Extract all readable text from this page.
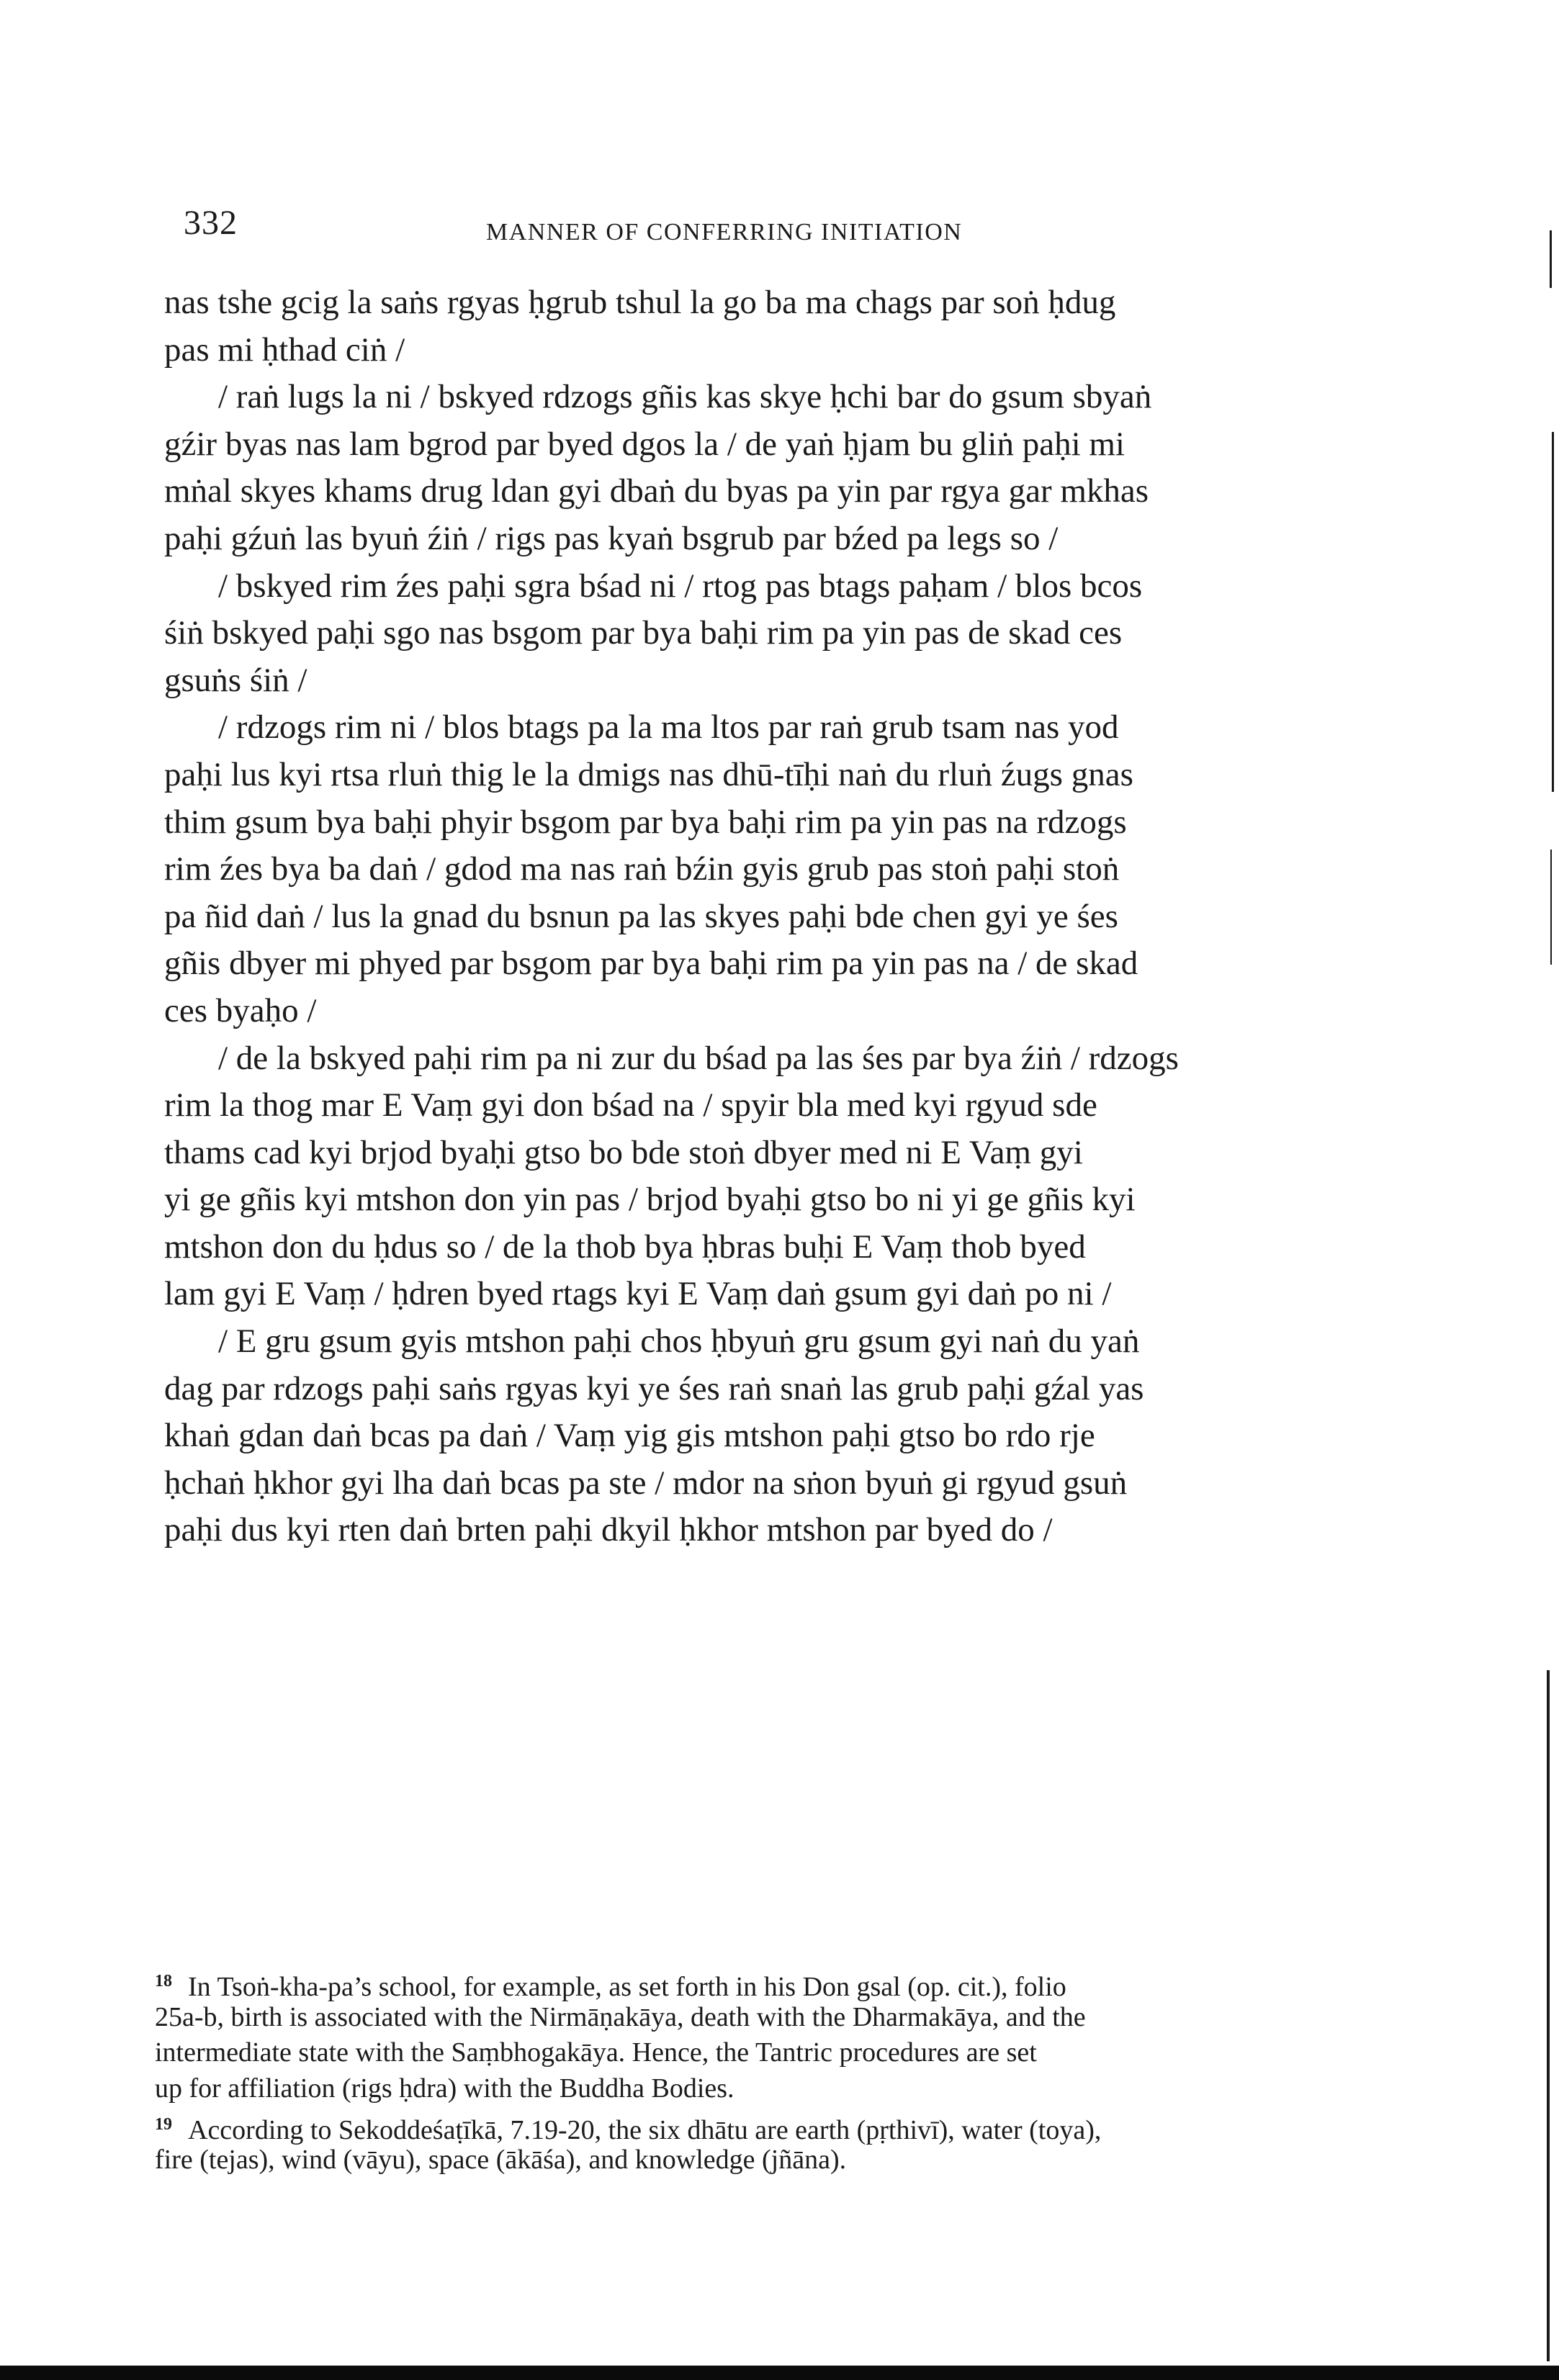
332	MANNER OF CONFERRING INITIATION
nas tshe gcig la saṅs rgyas ḥgrub tshul la go ba ma chags par soṅ ḥdug
pas mi ḥthad ciṅ /
/ raṅ lugs la ni / bskyed rdzogs gñis kas skye ḥchi bar do gsum sbyaṅ
gźir byas nas lam bgrod par byed dgos la / de yaṅ ḥjam bu gliṅ paḥi mi
mṅal skyes khams drug ldan gyi dbaṅ du byas pa yin par rgya gar mkhas
paḥi gźuṅ las byuṅ źiṅ / rigs pas kyaṅ bsgrub par bźed pa legs so /
/ bskyed rim źes paḥi sgra bśad ni / rtog pas btags paḥam / blos bcos
śiṅ bskyed paḥi sgo nas bsgom par bya baḥi rim pa yin pas de skad ces
gsuṅs śiṅ /
/ rdzogs rim ni / blos btags pa la ma ltos par raṅ grub tsam nas yod
paḥi lus kyi rtsa rluṅ thig le la dmigs nas dhū-tīḥi naṅ du rluṅ źugs gnas
thim gsum bya baḥi phyir bsgom par bya baḥi rim pa yin pas na rdzogs
rim źes bya ba daṅ / gdod ma nas raṅ bźin gyis grub pas stoṅ paḥi stoṅ
pa ñid daṅ / lus la gnad du bsnun pa las skyes paḥi bde chen gyi ye śes
gñis dbyer mi phyed par bsgom par bya baḥi rim pa yin pas na / de skad
ces byaḥo /
/ de la bskyed paḥi rim pa ni zur du bśad pa las śes par bya źiṅ / rdzogs
rim la thog mar E Vaṃ gyi don bśad na / spyir bla med kyi rgyud sde
thams cad kyi brjod byaḥi gtso bo bde stoṅ dbyer med ni E Vaṃ gyi
yi ge gñis kyi mtshon don yin pas / brjod byaḥi gtso bo ni yi ge gñis kyi
mtshon don du ḥdus so / de la thob bya ḥbras buḥi E Vaṃ thob byed
lam gyi E Vaṃ / ḥdren byed rtags kyi E Vaṃ daṅ gsum gyi daṅ po ni /
/ E gru gsum gyis mtshon paḥi chos ḥbyuṅ gru gsum gyi naṅ du yaṅ
dag par rdzogs paḥi saṅs rgyas kyi ye śes raṅ snaṅ las grub paḥi gźal yas
khaṅ gdan daṅ bcas pa daṅ / Vaṃ yig gis mtshon paḥi gtso bo rdo rje
ḥchaṅ ḥkhor gyi lha daṅ bcas pa ste / mdor na sṅon byuṅ gi rgyud gsuṅ
paḥi dus kyi rten daṅ brten paḥi dkyil ḥkhor mtshon par byed do /
$^{18}$ In Tsoṅ-kha-pa’s school, for example, as set forth in his Don gsal (op. cit.), folio
25a-b, birth is associated with the Nirmāṇakāya, death with the Dharmakāya, and the
intermediate state with the Saṃbhogakāya. Hence, the Tantric procedures are set
up for affiliation (rigs ḥdra) with the Buddha Bodies.
$^{19}$ According to Sekoddeśaṭīkā, 7.19-20, the six dhātu are earth (pṛthivī), water (toya),
fire (tejas), wind (vāyu), space (ākāśa), and knowledge (jñāna).
